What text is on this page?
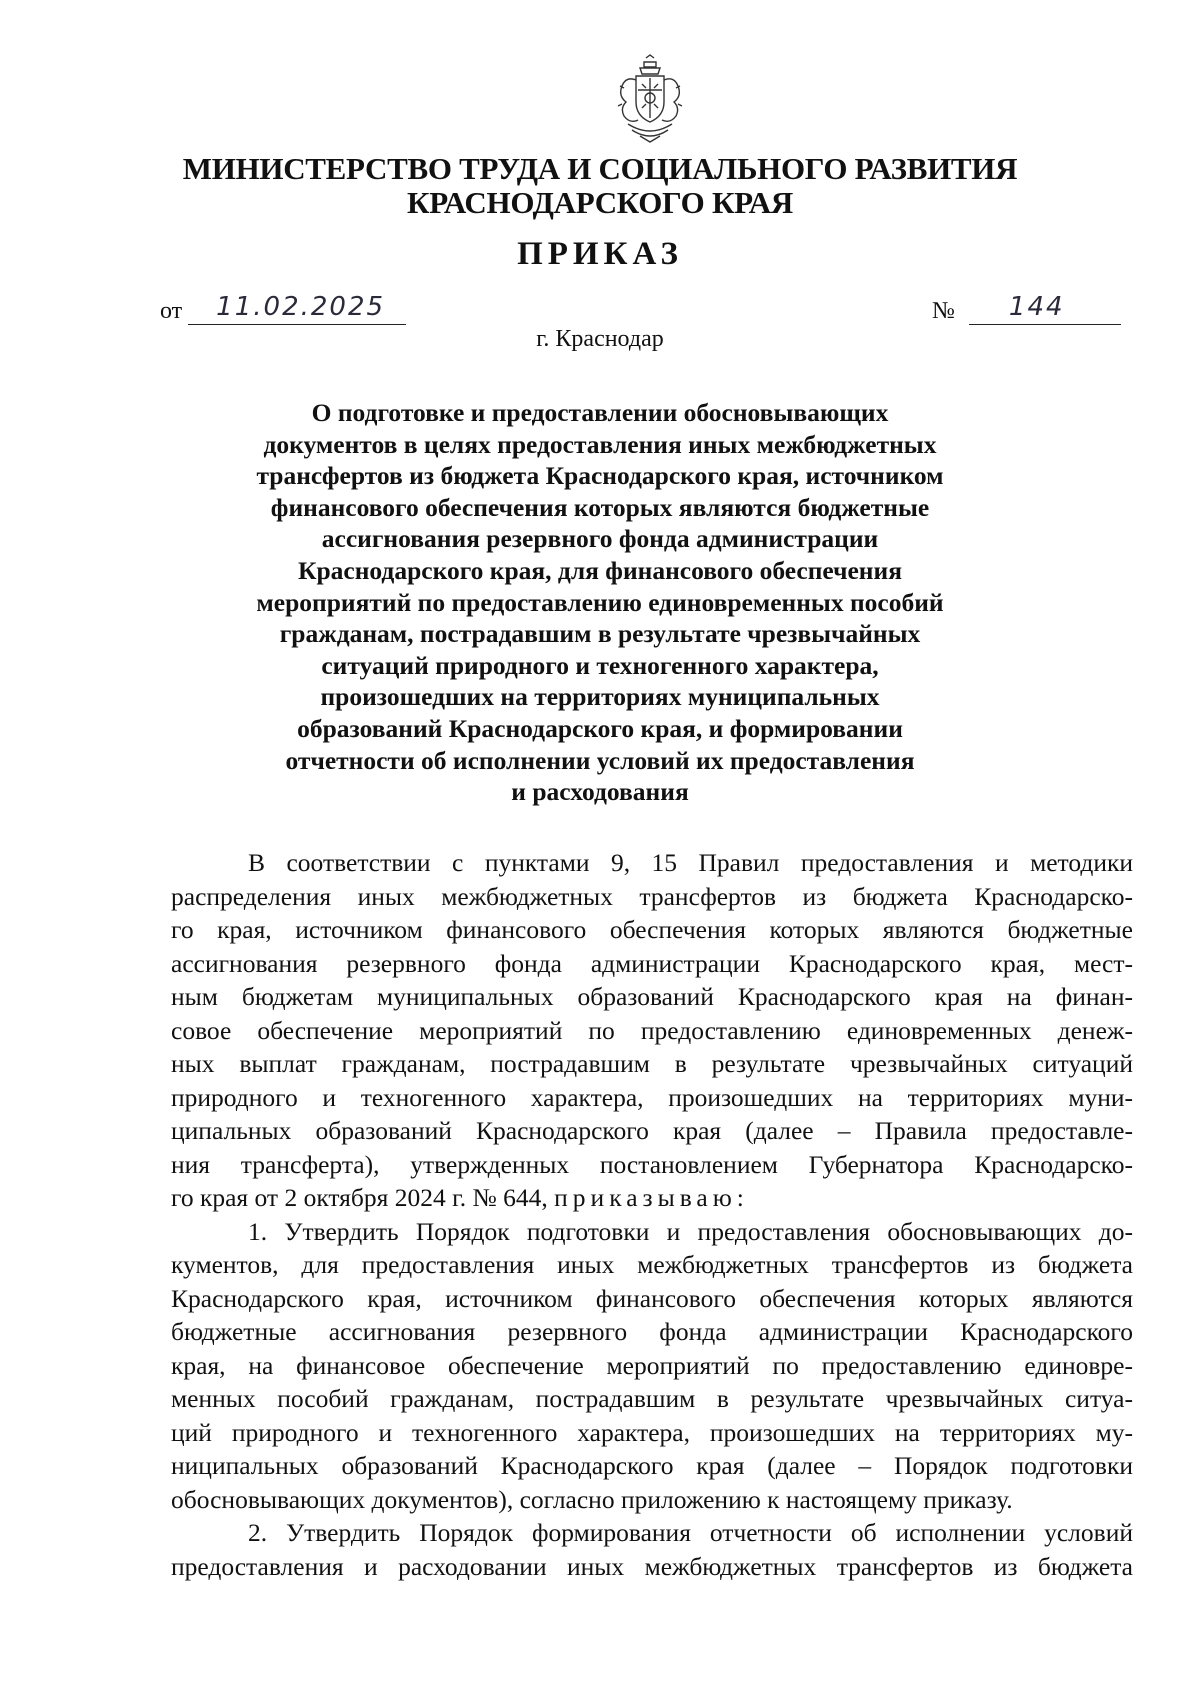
МИНИСТЕРСТВО ТРУДА И СОЦИАЛЬНОГО РАЗВИТИЯ
КРАСНОДАРСКОГО КРАЯ
ПРИКАЗ
от 11.02.2025	№ 144
г. Краснодар
О подготовке и предоставлении обосновывающих
документов в целях предоставления иных межбюджетных
трансфертов из бюджета Краснодарского края, источником
финансового обеспечения которых являются бюджетные
ассигнования резервного фонда администрации
Краснодарского края, для финансового обеспечения
мероприятий по предоставлению единовременных пособий
гражданам, пострадавшим в результате чрезвычайных
ситуаций природного и техногенного характера,
произошедших на территориях муниципальных
образований Краснодарского края, и формировании
отчетности об исполнении условий их предоставления
и расходования
В соответствии с пунктами 9, 15 Правил предоставления и методики
распределения иных межбюджетных трансфертов из бюджета Краснодарско-
го края, источником финансового обеспечения которых являются бюджетные
ассигнования резервного фонда администрации Краснодарского края, мест-
ным бюджетам муниципальных образований Краснодарского края на финан-
совое обеспечение мероприятий по предоставлению единовременных денеж-
ных выплат гражданам, пострадавшим в результате чрезвычайных ситуаций
природного и техногенного характера, произошедших на территориях муни-
ципальных образований Краснодарского края (далее – Правила предоставле-
ния трансферта), утвержденных постановлением Губернатора Краснодарско-
го края от 2 октября 2024 г. № 644, приказываю:
1. Утвердить Порядок подготовки и предоставления обосновывающих до-
кументов, для предоставления иных межбюджетных трансфертов из бюджета
Краснодарского края, источником финансового обеспечения которых являются
бюджетные ассигнования резервного фонда администрации Краснодарского
края, на финансовое обеспечение мероприятий по предоставлению единовре-
менных пособий гражданам, пострадавшим в результате чрезвычайных ситуа-
ций природного и техногенного характера, произошедших на территориях му-
ниципальных образований Краснодарского края (далее – Порядок подготовки
обосновывающих документов), согласно приложению к настоящему приказу.
2. Утвердить Порядок формирования отчетности об исполнении условий
предоставления и расходовании иных межбюджетных трансфертов из бюджета
